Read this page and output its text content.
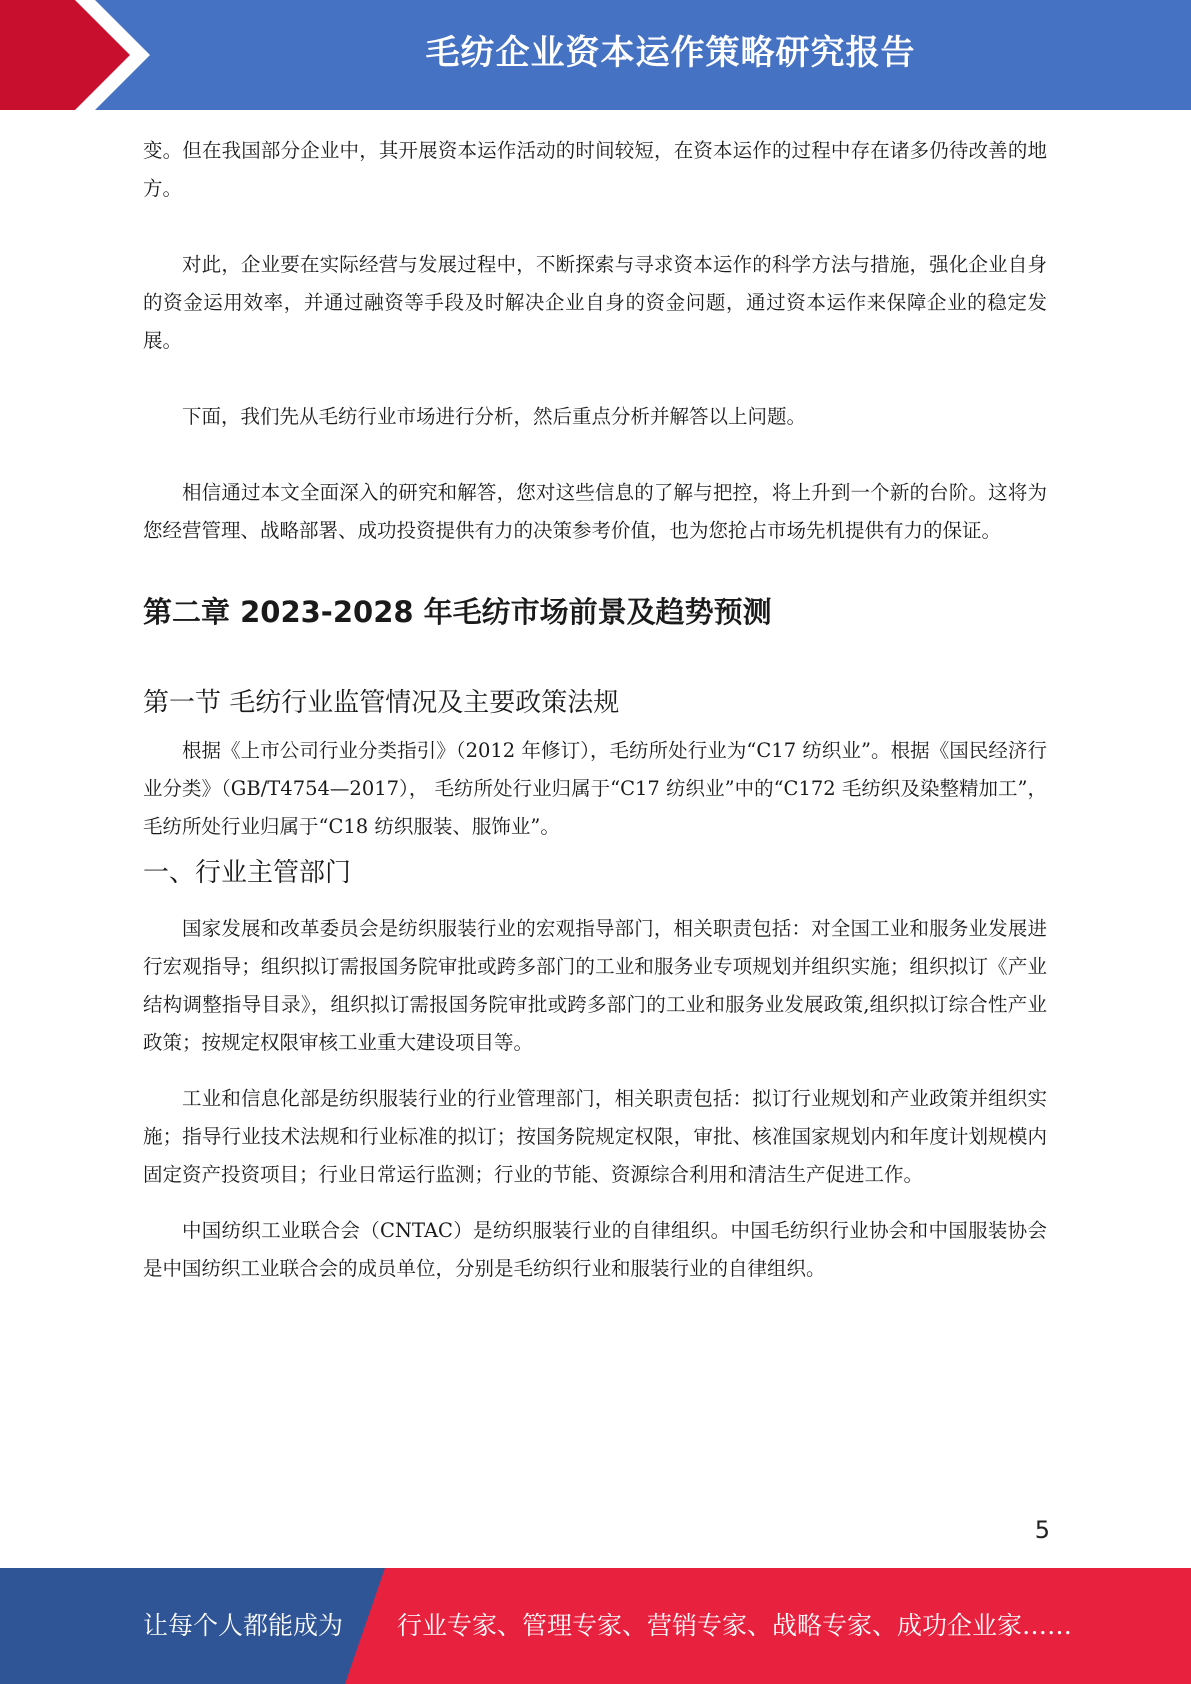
毛纺企业资本运作策略研究报告

变。但在我国部分企业中，其开展资本运作活动的时间较短，在资本运作的过程中存在诸多仍待改善的地方。

对此，企业要在实际经营与发展过程中，不断探索与寻求资本运作的科学方法与措施，强化企业自身的资金运用效率，并通过融资等手段及时解决企业自身的资金问题，通过资本运作来保障企业的稳定发展。

下面，我们先从毛纺行业市场进行分析，然后重点分析并解答以上问题。

相信通过本文全面深入的研究和解答，您对这些信息的了解与把控，将上升到一个新的台阶。这将为您经营管理、战略部署、成功投资提供有力的决策参考价值，也为您抢占市场先机提供有力的保证。

第二章 2023-2028 年毛纺市场前景及趋势预测
第一节 毛纺行业监管情况及主要政策法规

根据《上市公司行业分类指引》（2012 年修订），毛纺所处行业为“C17 纺织业”。根据《国民经济行业分类》（GB/T4754—2017）， 毛纺所处行业归属于“C17 纺织业”中的“C172 毛纺织及染整精加工”，毛纺所处行业归属于“C18 纺织服装、服饰业”。

一、行业主管部门

国家发展和改革委员会是纺织服装行业的宏观指导部门，相关职责包括：对全国工业和服务业发展进行宏观指导；组织拟订需报国务院审批或跨多部门的工业和服务业专项规划并组织实施；组织拟订《产业结构调整指导目录》，组织拟订需报国务院审批或跨多部门的工业和服务业发展政策,组织拟订综合性产业政策；按规定权限审核工业重大建设项目等。

工业和信息化部是纺织服装行业的行业管理部门，相关职责包括：拟订行业规划和产业政策并组织实施；指导行业技术法规和行业标准的拟订；按国务院规定权限，审批、核准国家规划内和年度计划规模内固定资产投资项目；行业日常运行监测；行业的节能、资源综合利用和清洁生产促进工作。

中国纺织工业联合会（CNTAC）是纺织服装行业的自律组织。中国毛纺织行业协会和中国服装协会是中国纺织工业联合会的成员单位，分别是毛纺织行业和服装行业的自律组织。

5
让每个人都能成为 行业专家、管理专家、营销专家、战略专家、成功企业家……
